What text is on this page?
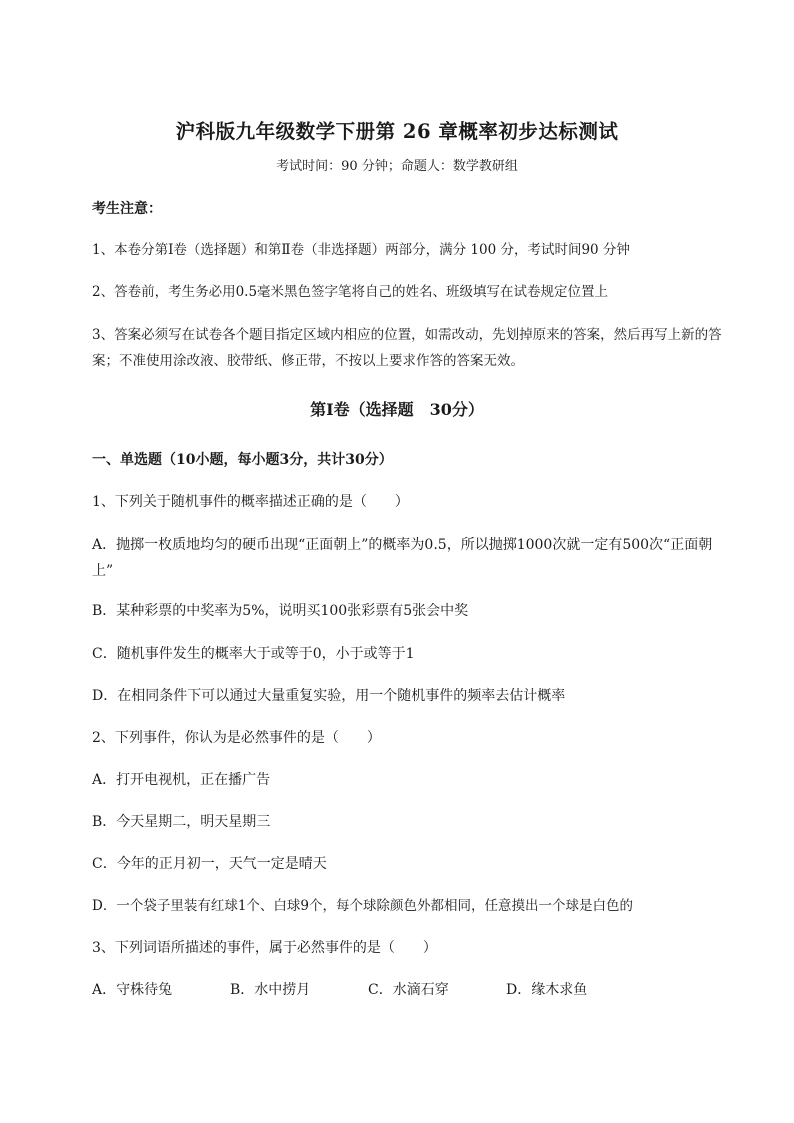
沪科版九年级数学下册第 26 章概率初步达标测试
考试时间：90 分钟；命题人：数学教研组
考生注意：
1、本卷分第Ⅰ卷（选择题）和第Ⅱ卷（非选择题）两部分，满分 100 分，考试时间90 分钟
2、答卷前，考生务必用0.5毫米黑色签字笔将自己的姓名、班级填写在试卷规定位置上
3、答案必须写在试卷各个题目指定区域内相应的位置，如需改动，先划掉原来的答案，然后再写上新的答案；不准使用涂改液、胶带纸、修正带，不按以上要求作答的答案无效。
第Ⅰ卷（选择题　30分）
一、单选题（10小题，每小题3分，共计30分）
1、下列关于随机事件的概率描述正确的是（　　）
A．抛掷一枚质地均匀的硬币出现“正面朝上”的概率为0.5，所以抛掷1000次就一定有500次“正面朝上”
B．某种彩票的中奖率为5%，说明买100张彩票有5张会中奖
C．随机事件发生的概率大于或等于0，小于或等于1
D．在相同条件下可以通过大量重复实验，用一个随机事件的频率去估计概率
2、下列事件，你认为是必然事件的是（　　）
A．打开电视机，正在播广告
B．今天星期二，明天星期三
C．今年的正月初一，天气一定是晴天
D．一个袋子里装有红球1个、白球9个，每个球除颜色外都相同，任意摸出一个球是白色的
3、下列词语所描述的事件，属于必然事件的是（　　）
A．守株待兔	B．水中捞月	C．水滴石穿	D．缘木求鱼
